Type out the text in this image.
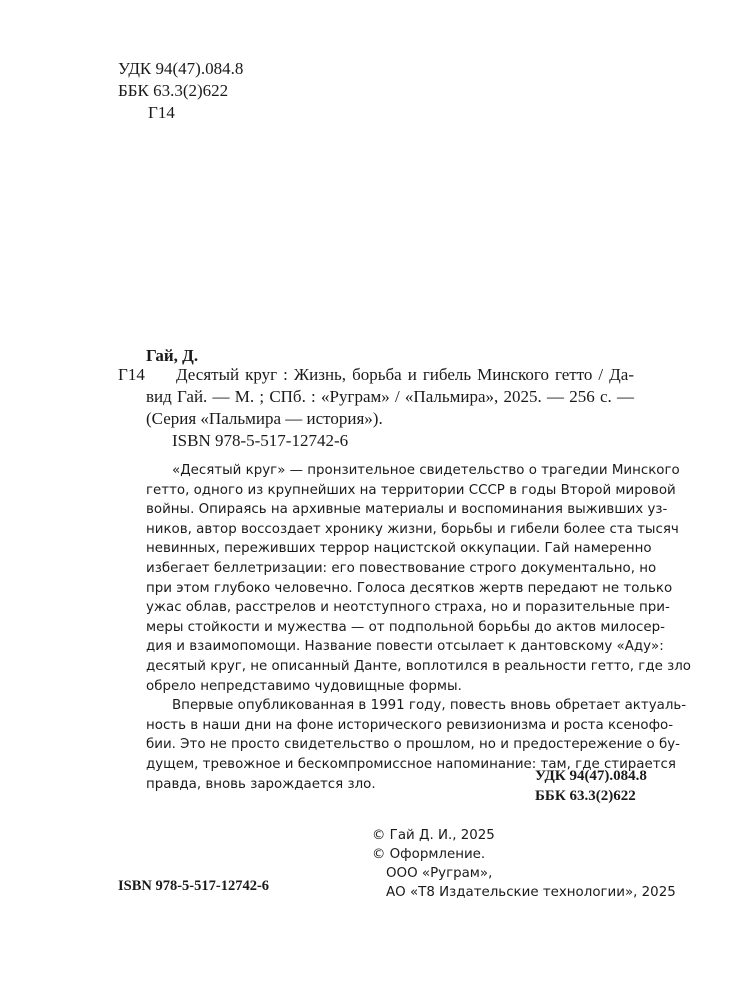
УДК 94(47).084.8
ББК 63.3(2)622
Г14
Гай, Д.
Г14	Десятый круг : Жизнь, борьба и гибель Минского гетто / Да-
вид Гай. — М. ; СПб. : «Руграм» / «Пальмира», 2025. — 256 с. —
(Серия «Пальмира — история»).
ISBN 978-5-517-12742-6
«Десятый круг» — пронзительное свидетельство о трагедии Минского
гетто, одного из крупнейших на территории СССР в годы Второй мировой
войны. Опираясь на архивные материалы и воспоминания выживших уз-
ников, автор воссоздает хронику жизни, борьбы и гибели более ста тысяч
невинных, переживших террор нацистской оккупации. Гай намеренно
избегает беллетризации: его повествование строго документально, но
при этом глубоко человечно. Голоса десятков жертв передают не только
ужас облав, расстрелов и неотступного страха, но и поразительные при-
меры стойкости и мужества — от подпольной борьбы до актов милосер-
дия и взаимопомощи. Название повести отсылает к дантовскому «Аду»:
десятый круг, не описанный Данте, воплотился в реальности гетто, где зло
обрело непредставимо чудовищные формы.
Впервые опубликованная в 1991 году, повесть вновь обретает актуаль-
ность в наши дни на фоне исторического ревизионизма и роста ксенофо-
бии. Это не просто свидетельство о прошлом, но и предостережение о бу-
дущем, тревожное и бескомпромиссное напоминание: там, где стирается
правда, вновь зарождается зло.	УДК 94(47).084.8
ББК 63.3(2)622
© Гай Д. И., 2025
© Оформление.
ООО «Руграм»,
АО «Т8 Издательские технологии», 2025
ISBN 978-5-517-12742-6
